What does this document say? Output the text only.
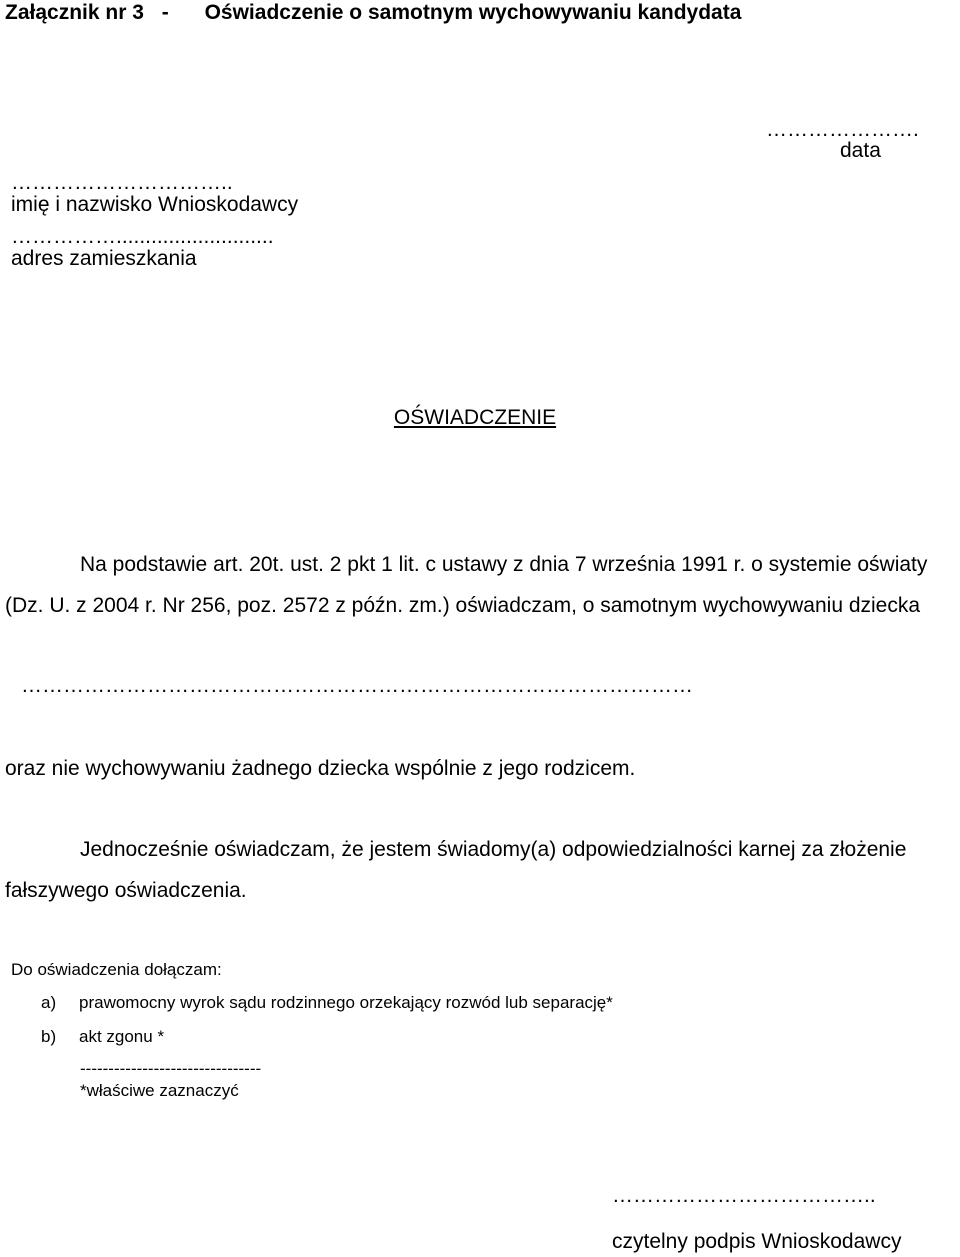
Załącznik nr 3 - Oświadczenie o samotnym wychowywaniu kandydata
………………….
data
…………………………..
imię i nazwisko Wnioskodawcy
……………...........................
adres zamieszkania
OŚWIADCZENIE
Na podstawie art. 20t. ust. 2 pkt 1 lit. c ustawy z dnia 7 września 1991 r. o systemie oświaty (Dz. U. z 2004 r. Nr 256, poz. 2572 z późn. zm.) oświadczam, o samotnym wychowywaniu dziecka
……………………………………………………………………………………
oraz nie wychowywaniu żadnego dziecka wspólnie z jego rodzicem.
Jednocześnie oświadczam, że jestem świadomy(a) odpowiedzialności karnej za złożenie fałszywego oświadczenia.
Do oświadczenia dołączam:
a) prawomocny wyrok sądu rodzinnego orzekający rozwód lub separację*
b) akt zgonu *
--------------------------------
*właściwe zaznaczyć
………………………………..
czytelny podpis Wnioskodawcy
